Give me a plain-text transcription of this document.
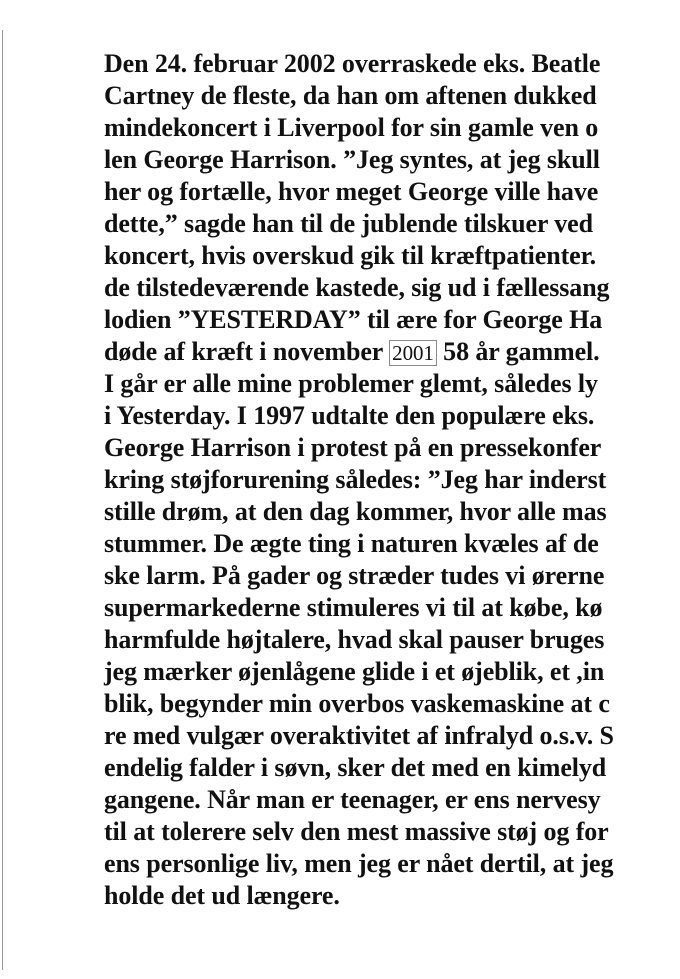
Den 24. februar 2002 overraskede eks. Beatle
Cartney de fleste, da han om aftenen dukked
mindekoncert i Liverpool for sin gamle ven o
len George Harrison. ”Jeg syntes, at jeg skull
her og fortælle, hvor meget George ville have
dette,” sagde han til de jublende tilskuer ved
koncert, hvis overskud gik til kræftpatienter.
de tilstedeværende kastede, sig ud i fællessang
lodien ”YESTERDAY” til ære for George Ha
døde af kræft i november 2001 58 år gammel.
I går er alle mine problemer glemt, således ly
i Yesterday. I 1997 udtalte den populære eks.
George Harrison i protest på en pressekonfer
kring støjforurening således: ”Jeg har inderst
stille drøm, at den dag kommer, hvor alle mas
stummer. De ægte ting i naturen kvæles af de
ske larm. På gader og stræder tudes vi ørerne
supermarkederne stimuleres vi til at købe, kø
harmfulde højtalere, hvad skal pauser bruges
jeg mærker øjenlågene glide i et øjeblik, et ,in
blik, begynder min overbos vaskemaskine at c
re med vulgær overaktivitet af infralyd o.s.v. S
endelig falder i søvn, sker det med en kimelyd
gangene. Når man er teenager, er ens nervesy
til at tolerere selv den mest massive støj og for
ens personlige liv, men jeg er nået dertil, at jeg
holde det ud længere.
